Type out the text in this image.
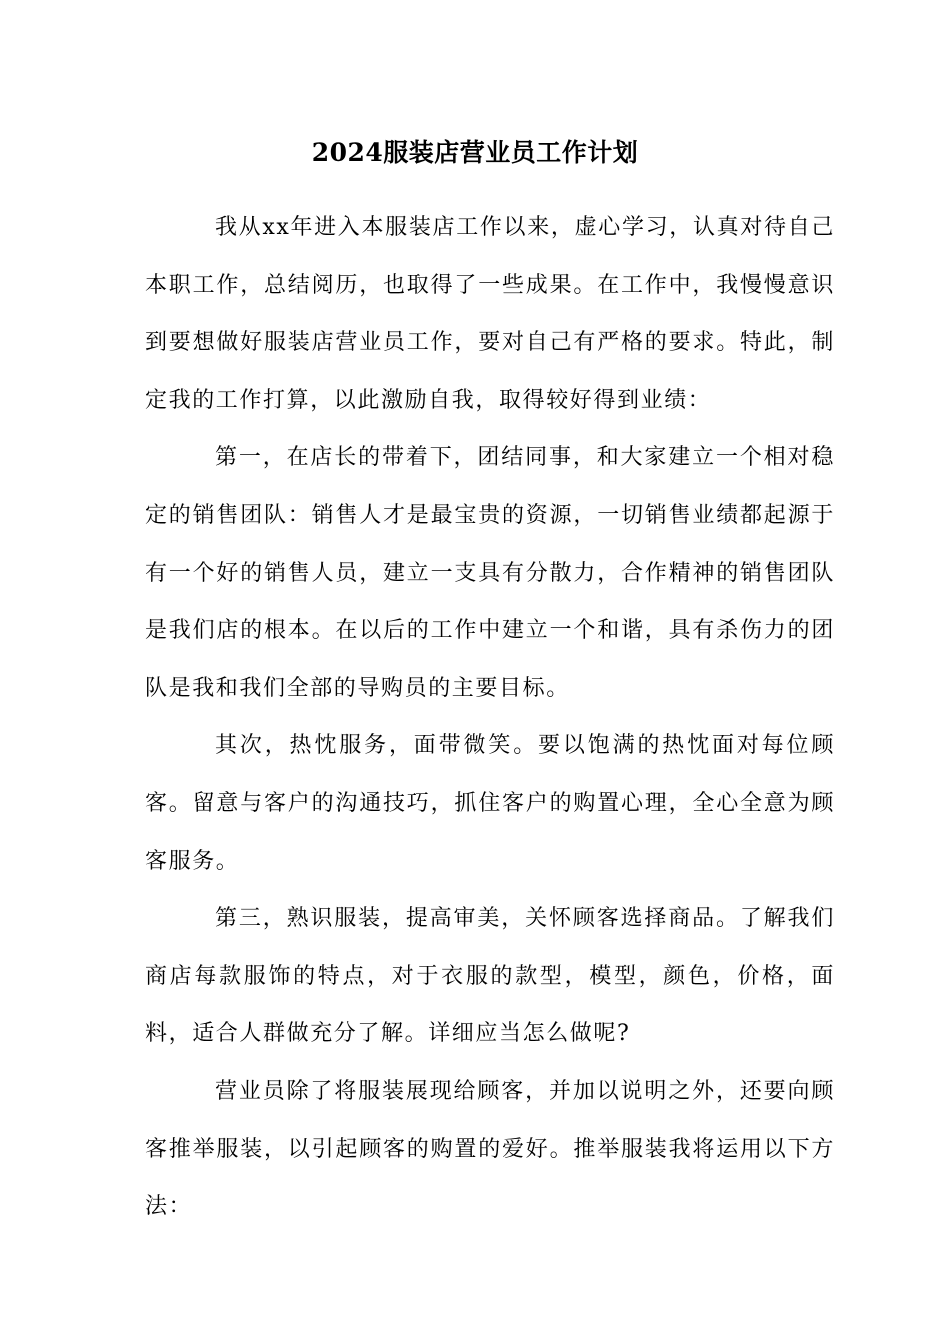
2024服装店营业员工作计划

我从xx年进入本服装店工作以来，虚心学习，认真对待自己本职工作，总结阅历，也取得了一些成果。在工作中，我慢慢意识到要想做好服装店营业员工作，要对自己有严格的要求。特此，制定我的工作打算，以此激励自我，取得较好得到业绩：

第一，在店长的带着下，团结同事，和大家建立一个相对稳定的销售团队：销售人才是最宝贵的资源，一切销售业绩都起源于有一个好的销售人员，建立一支具有分散力，合作精神的销售团队是我们店的根本。在以后的工作中建立一个和谐，具有杀伤力的团队是我和我们全部的导购员的主要目标。

其次，热忱服务，面带微笑。要以饱满的热忱面对每位顾客。留意与客户的沟通技巧，抓住客户的购置心理，全心全意为顾客服务。

第三，熟识服装，提高审美，关怀顾客选择商品。了解我们商店每款服饰的特点，对于衣服的款型，模型，颜色，价格，面料，适合人群做充分了解。详细应当怎么做呢?

营业员除了将服装展现给顾客，并加以说明之外，还要向顾客推举服装，以引起顾客的购置的爱好。推举服装我将运用以下方法：
